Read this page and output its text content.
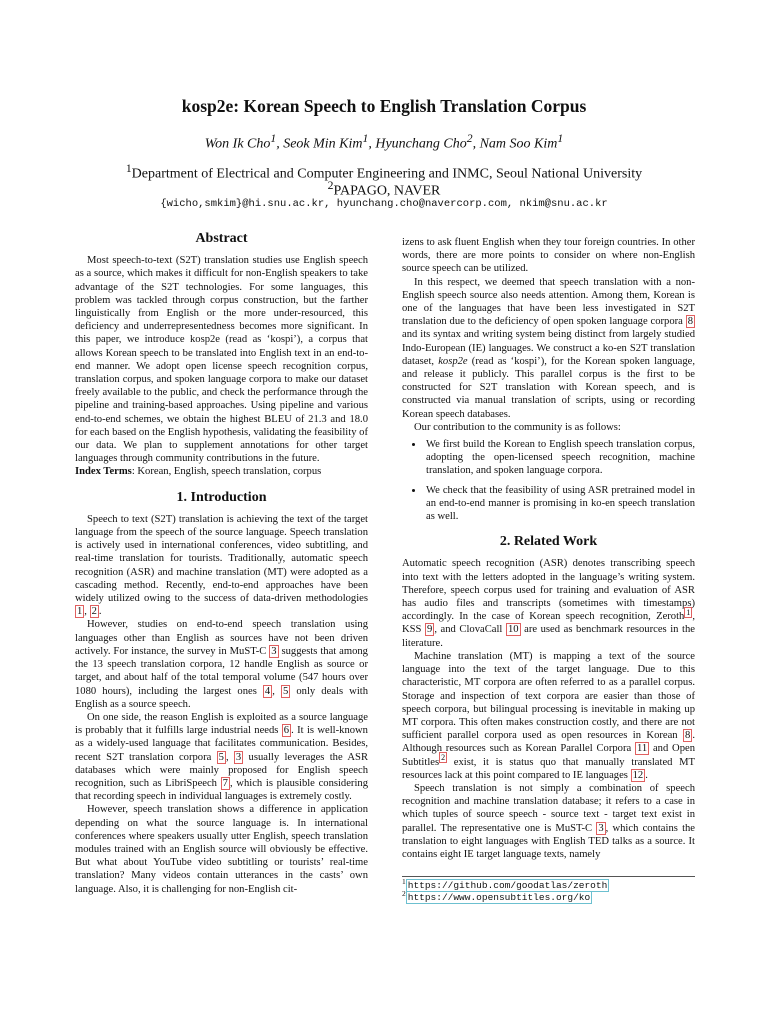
kosp2e: Korean Speech to English Translation Corpus
Won Ik Cho$^1$, Seok Min Kim$^1$, Hyunchang Cho$^2$, Nam Soo Kim$^1$
$^1$Department of Electrical and Computer Engineering and INMC, Seoul National University
$^2$PAPAGO, NAVER
{wicho,smkim}@hi.snu.ac.kr, hyunchang.cho@navercorp.com, nkim@snu.ac.kr
Abstract

Most speech-to-text (S2T) translation studies use English speech as a source, which makes it difficult for non-English speakers to take advantage of the S2T technologies. For some languages, this problem was tackled through corpus construction, but the farther linguistically from English or the more under-resourced, this deficiency and underrepresentedness becomes more significant. In this paper, we introduce kosp2e (read as ‘kospi’), a corpus that allows Korean speech to be translated into English text in an end-to-end manner. We adopt open license speech recognition corpus, translation corpus, and spoken language corpora to make our dataset freely available to the public, and check the performance through the pipeline and training-based approaches. Using pipeline and various end-to-end schemes, we obtain the highest BLEU of 21.3 and 18.0 for each based on the English hypothesis, validating the feasibility of our data. We plan to supplement annotations for other target languages through community contributions in the future.

Index Terms: Korean, English, speech translation, corpus

1. Introduction

Speech to text (S2T) translation is achieving the text of the target language from the speech of the source language. Speech translation is actively used in international conferences, video subtitling, and real-time translation for tourists. Traditionally, automatic speech recognition (ASR) and machine translation (MT) were adopted as a cascading method. Recently, end-to-end approaches have been widely utilized owing to the success of data-driven methodologies 1 , 2 .

However, studies on end-to-end speech translation using languages other than English as sources have not been driven actively. For instance, the survey in MuST-C 3 suggests that among the 13 speech translation corpora, 12 handle English as source or target, and about half of the total temporal volume (547 hours over 1080 hours), including the largest ones 4 , 5 only deals with English as a source speech.

On one side, the reason English is exploited as a source language is probably that it fulfills large industrial needs 6 . It is well-known as a widely-used language that facilitates communication. Besides, recent S2T translation corpora 5 , 3 usually leverages the ASR databases which were mainly proposed for English speech recognition, such as LibriSpeech 7 , which is plausible considering that recording speech in individual languages is extremely costly.

However, speech translation shows a difference in application depending on what the source language is. In international conferences where speakers usually utter English, speech translation modules trained with an English source will obviously be effective. But what about YouTube video subtitling or tourists’ real-time translation? Many videos contain utterances in the casts’ own language. Also, it is challenging for non-English cit-

izens to ask fluent English when they tour foreign countries. In other words, there are more points to consider on where non-English source speech can be utilized.

In this respect, we deemed that speech translation with a non-English speech source also needs attention. Among them, Korean is one of the languages that have been less investigated in S2T translation due to the deficiency of open spoken language corpora 8 and its syntax and writing system being distinct from largely studied Indo-European (IE) languages. We construct a ko-en S2T translation dataset, kosp2e (read as ‘kospi’), for the Korean spoken language, and release it publicly. This parallel corpus is the first to be constructed for S2T translation with Korean speech, and is constructed via manual translation of scripts, using or recording Korean speech databases.

Our contribution to the community is as follows:

• We first build the Korean to English speech translation corpus, adopting the open-licensed speech recognition, machine translation, and spoken language corpora.
• We check that the feasibility of using ASR pretrained model in an end-to-end manner is promising in ko-en speech translation as well.
2. Related Work

Automatic speech recognition (ASR) denotes transcribing speech into text with the letters adopted in the language’s writing system. Therefore, speech corpus used for training and evaluation of ASR has audio files and transcripts (sometimes with timestamps) accordingly. In the case of Korean speech recognition, Zeroth $^1$ , KSS 9 , and ClovaCall 10 are used as benchmark resources in the literature.

Machine translation (MT) is mapping a text of the source language into the text of the target language. Due to this characteristic, MT corpora are often referred to as a parallel corpus. Storage and inspection of text corpora are easier than those of speech corpora, but bilingual processing is inevitable in making up MT corpora. This often makes construction costly, and there are not sufficient parallel corpora used as open resources in Korean 8 . Although resources such as Korean Parallel Corpora 11 and Open Subtitles $^2$ exist, it is status quo that manually translated MT resources lack at this point compared to IE languages 12 .

Speech translation is not simply a combination of speech recognition and machine translation database; it refers to a case in which tuples of source speech - source text - target text exist in parallel. The representative one is MuST-C 3 , which contains the translation to eight languages with English TED talks as a source. It contains eight IE target language texts, namely

$^1$ https://github.com/goodatlas/zeroth
$^2$ https://www.opensubtitles.org/ko
